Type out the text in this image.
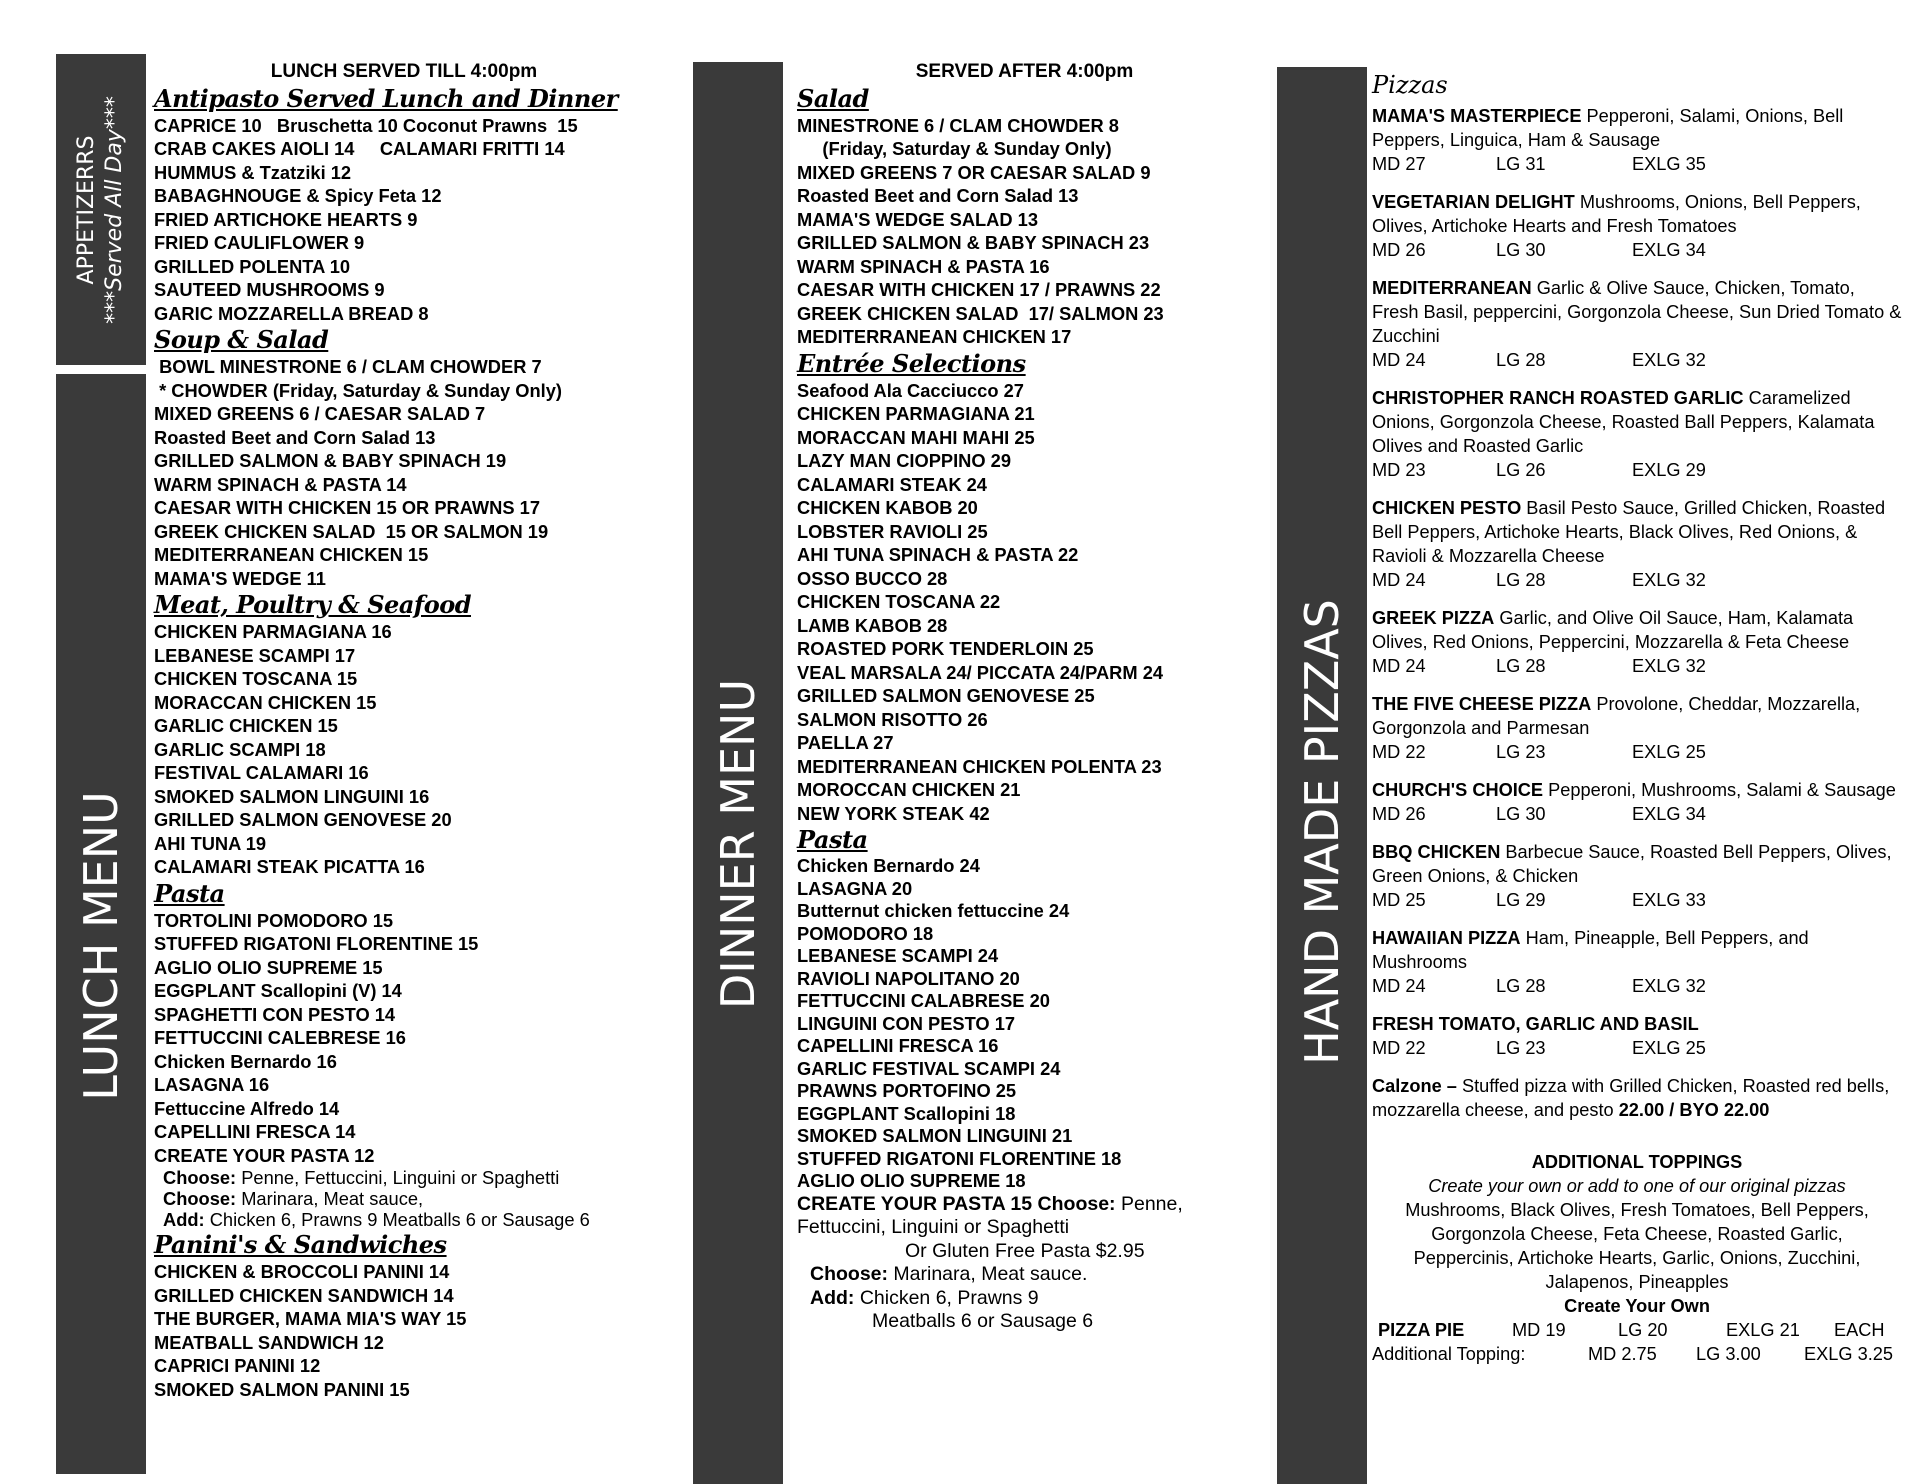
APPETIZERRS ***Served All Day***
LUNCH MENU	DINNER MENU	HAND MADE PIZZAS
LUNCH SERVED TILL 4:00pm
Antipasto Served Lunch and Dinner
CAPRICE 10   Bruschetta 10 Coconut Prawns  15
CRAB CAKES AIOLI 14     CALAMARI FRITTI 14
HUMMUS & Tzatziki 12
BABAGHNOUGE & Spicy Feta 12
FRIED ARTICHOKE HEARTS 9
FRIED CAULIFLOWER 9
GRILLED POLENTA 10
SAUTEED MUSHROOMS 9
GARIC MOZZARELLA BREAD 8
Soup & Salad
BOWL MINESTRONE 6 / CLAM CHOWDER 7
* CHOWDER (Friday, Saturday & Sunday Only)
MIXED GREENS 6 / CAESAR SALAD 7
Roasted Beet and Corn Salad 13
GRILLED SALMON & BABY SPINACH 19
WARM SPINACH & PASTA 14
CAESAR WITH CHICKEN 15 OR PRAWNS 17
GREEK CHICKEN SALAD  15 OR SALMON 19
MEDITERRANEAN CHICKEN 15
MAMA'S WEDGE 11
Meat, Poultry & Seafood
CHICKEN PARMAGIANA 16
LEBANESE SCAMPI 17
CHICKEN TOSCANA 15
MORACCAN CHICKEN 15
GARLIC CHICKEN 15
GARLIC SCAMPI 18
FESTIVAL CALAMARI 16
SMOKED SALMON LINGUINI 16
GRILLED SALMON GENOVESE 20
AHI TUNA 19
CALAMARI STEAK PICATTA 16
Pasta
TORTOLINI POMODORO 15
STUFFED RIGATONI FLORENTINE 15
AGLIO OLIO SUPREME 15
EGGPLANT Scallopini (V) 14
SPAGHETTI CON PESTO 14
FETTUCCINI CALEBRESE 16
Chicken Bernardo 16
LASAGNA 16
Fettuccine Alfredo 14
CAPELLINI FRESCA 14
CREATE YOUR PASTA 12
Choose: Penne, Fettuccini, Linguini or Spaghetti
Choose: Marinara, Meat sauce,
Add: Chicken 6, Prawns 9 Meatballs 6 or Sausage 6
Panini's & Sandwiches
CHICKEN & BROCCOLI PANINI 14
GRILLED CHICKEN SANDWICH 14
THE BURGER, MAMA MIA'S WAY 15
MEATBALL SANDWICH 12
CAPRICI PANINI 12
SMOKED SALMON PANINI 15
SERVED AFTER 4:00pm
Salad
MINESTRONE 6 / CLAM CHOWDER 8
(Friday, Saturday & Sunday Only)
MIXED GREENS 7 OR CAESAR SALAD 9
Roasted Beet and Corn Salad 13
MAMA'S WEDGE SALAD 13
GRILLED SALMON & BABY SPINACH 23
WARM SPINACH & PASTA 16
CAESAR WITH CHICKEN 17 / PRAWNS 22
GREEK CHICKEN SALAD  17/ SALMON 23
MEDITERRANEAN CHICKEN 17
Entrée Selections
Seafood Ala Cacciucco 27
CHICKEN PARMAGIANA 21
MORACCAN MAHI MAHI 25
LAZY MAN CIOPPINO 29
CALAMARI STEAK 24
CHICKEN KABOB 20
LOBSTER RAVIOLI 25
AHI TUNA SPINACH & PASTA 22
OSSO BUCCO 28
CHICKEN TOSCANA 22
LAMB KABOB 28
ROASTED PORK TENDERLOIN 25
VEAL MARSALA 24/ PICCATA 24/PARM 24
GRILLED SALMON GENOVESE 25
SALMON RISOTTO 26
PAELLA 27
MEDITERRANEAN CHICKEN POLENTA 23
MOROCCAN CHICKEN 21
NEW YORK STEAK 42
Pasta
Chicken Bernardo 24
LASAGNA 20
Butternut chicken fettuccine 24
POMODORO 18
LEBANESE SCAMPI 24
RAVIOLI NAPOLITANO 20
FETTUCCINI CALABRESE 20
LINGUINI CON PESTO 17
CAPELLINI FRESCA 16
GARLIC FESTIVAL SCAMPI 24
PRAWNS PORTOFINO 25
EGGPLANT Scallopini 18
SMOKED SALMON LINGUINI 21
STUFFED RIGATONI FLORENTINE 18
AGLIO OLIO SUPREME 18
CREATE YOUR PASTA 15 Choose: Penne,
Fettuccini, Linguini or Spaghetti
Or Gluten Free Pasta $2.95
Choose: Marinara, Meat sauce.
Add: Chicken 6, Prawns 9
Meatballs 6 or Sausage 6
Pizzas
MAMA'S MASTERPIECE Pepperoni, Salami, Onions, Bell Peppers, Linguica, Ham & Sausage
MD 27	LG 31	EXLG 35
VEGETARIAN DELIGHT Mushrooms, Onions, Bell Peppers, Olives, Artichoke Hearts and Fresh Tomatoes
MD 26	LG 30	EXLG 34
MEDITERRANEAN Garlic & Olive Sauce, Chicken, Tomato, Fresh Basil, peppercini, Gorgonzola Cheese, Sun Dried Tomato & Zucchini
MD 24	LG 28	EXLG 32
CHRISTOPHER RANCH ROASTED GARLIC Caramelized Onions, Gorgonzola Cheese, Roasted Ball Peppers, Kalamata Olives and Roasted Garlic
MD 23	LG 26	EXLG 29
CHICKEN PESTO Basil Pesto Sauce, Grilled Chicken, Roasted Bell Peppers, Artichoke Hearts, Black Olives, Red Onions, & Ravioli & Mozzarella Cheese
MD 24	LG 28	EXLG 32
GREEK PIZZA Garlic, and Olive Oil Sauce, Ham, Kalamata Olives, Red Onions, Peppercini, Mozzarella & Feta Cheese
MD 24	LG 28	EXLG 32
THE FIVE CHEESE PIZZA Provolone, Cheddar, Mozzarella, Gorgonzola and Parmesan
MD 22	LG 23	EXLG 25
CHURCH'S CHOICE Pepperoni, Mushrooms, Salami & Sausage
MD 26	LG 30	EXLG 34
BBQ CHICKEN Barbecue Sauce, Roasted Bell Peppers, Olives, Green Onions, & Chicken
MD 25	LG 29	EXLG 33
HAWAIIAN PIZZA Ham, Pineapple, Bell Peppers, and Mushrooms
MD 24	LG 28	EXLG 32
FRESH TOMATO, GARLIC AND BASIL
MD 22	LG 23	EXLG 25
Calzone – Stuffed pizza with Grilled Chicken, Roasted red bells, mozzarella cheese, and pesto 22.00 / BYO 22.00
ADDITIONAL TOPPINGS
Create your own or add to one of our original pizzas
Mushrooms, Black Olives, Fresh Tomatoes, Bell Peppers, Gorgonzola Cheese, Feta Cheese, Roasted Garlic, Peppercinis, Artichoke Hearts, Garlic, Onions, Zucchini, Jalapenos, Pineapples
Create Your Own
PIZZA PIE	MD 19	LG 20	EXLG 21 EACH
Additional Topping:	MD 2.75 LG 3.00 EXLG 3.25
